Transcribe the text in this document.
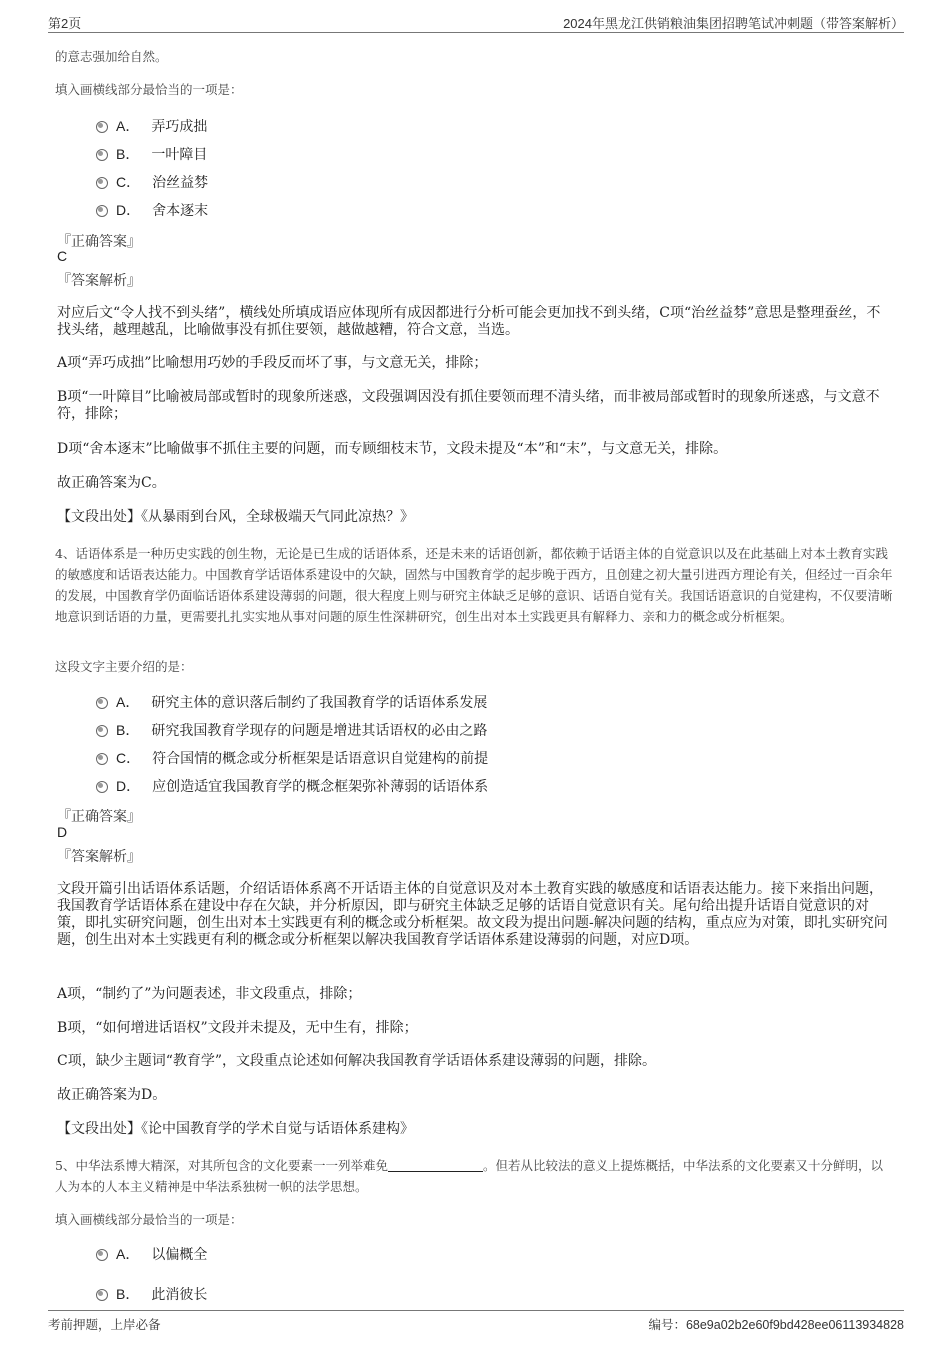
第2页	2024年黑龙江供销粮油集团招聘笔试冲刺题（带答案解析）
的意志强加给自然。
填入画横线部分最恰当的一项是：
A． 弄巧成拙
B． 一叶障目
C． 治丝益棼
D． 舍本逐末
『正确答案』
C
『答案解析』
对应后文“令人找不到头绪”，横线处所填成语应体现所有成因都进行分析可能会更加找不到头绪，C项“治丝益棼”意思是整理蚕丝，不找头绪，越理越乱，比喻做事没有抓住要领，越做越糟，符合文意，当选。
A项“弄巧成拙”比喻想用巧妙的手段反而坏了事，与文意无关，排除；
B项“一叶障目”比喻被局部或暂时的现象所迷惑，文段强调因没有抓住要领而理不清头绪，而非被局部或暂时的现象所迷惑，与文意不符，排除；
D项“舍本逐末”比喻做事不抓住主要的问题，而专顾细枝末节，文段未提及“本”和“末”，与文意无关，排除。
故正确答案为C。
【文段出处】《从暴雨到台风，全球极端天气同此凉热？》
4、话语体系是一种历史实践的创生物，无论是已生成的话语体系，还是未来的话语创新，都依赖于话语主体的自觉意识以及在此基础上对本土教育实践的敏感度和话语表达能力。中国教育学话语体系建设中的欠缺，固然与中国教育学的起步晚于西方，且创建之初大量引进西方理论有关，但经过一百余年的发展，中国教育学仍面临话语体系建设薄弱的问题，很大程度上则与研究主体缺乏足够的意识、话语自觉有关。我国话语意识的自觉建构，不仅要清晰地意识到话语的力量，更需要扎扎实实地从事对问题的原生性深耕研究，创生出对本土实践更具有解释力、亲和力的概念或分析框架。
这段文字主要介绍的是：
A． 研究主体的意识落后制约了我国教育学的话语体系发展
B． 研究我国教育学现存的问题是增进其话语权的必由之路
C． 符合国情的概念或分析框架是话语意识自觉建构的前提
D． 应创造适宜我国教育学的概念框架弥补薄弱的话语体系
『正确答案』
D
『答案解析』
文段开篇引出话语体系话题，介绍话语体系离不开话语主体的自觉意识及对本土教育实践的敏感度和话语表达能力。接下来指出问题，我国教育学话语体系在建设中存在欠缺，并分析原因，即与研究主体缺乏足够的话语自觉意识有关。尾句给出提升话语自觉意识的对策，即扎实研究问题，创生出对本土实践更有利的概念或分析框架。故文段为提出问题-解决问题的结构，重点应为对策，即扎实研究问题，创生出对本土实践更有利的概念或分析框架以解决我国教育学话语体系建设薄弱的问题，对应D项。
A项，“制约了”为问题表述，非文段重点，排除；
B项，“如何增进话语权”文段并未提及，无中生有，排除；
C项，缺少主题词“教育学”，文段重点论述如何解决我国教育学话语体系建设薄弱的问题，排除。
故正确答案为D。
【文段出处】《论中国教育学的学术自觉与话语体系建构》
5、中华法系博大精深，对其所包含的文化要素一一列举难免	。但若从比较法的意义上提炼概括，中华法系的文化要素又十分鲜明，以人为本的人本主义精神是中华法系独树一帜的法学思想。
填入画横线部分最恰当的一项是：
A． 以偏概全
B． 此消彼长
考前押题，上岸必备	编号：68e9a02b2e60f9bd428ee06113934828
